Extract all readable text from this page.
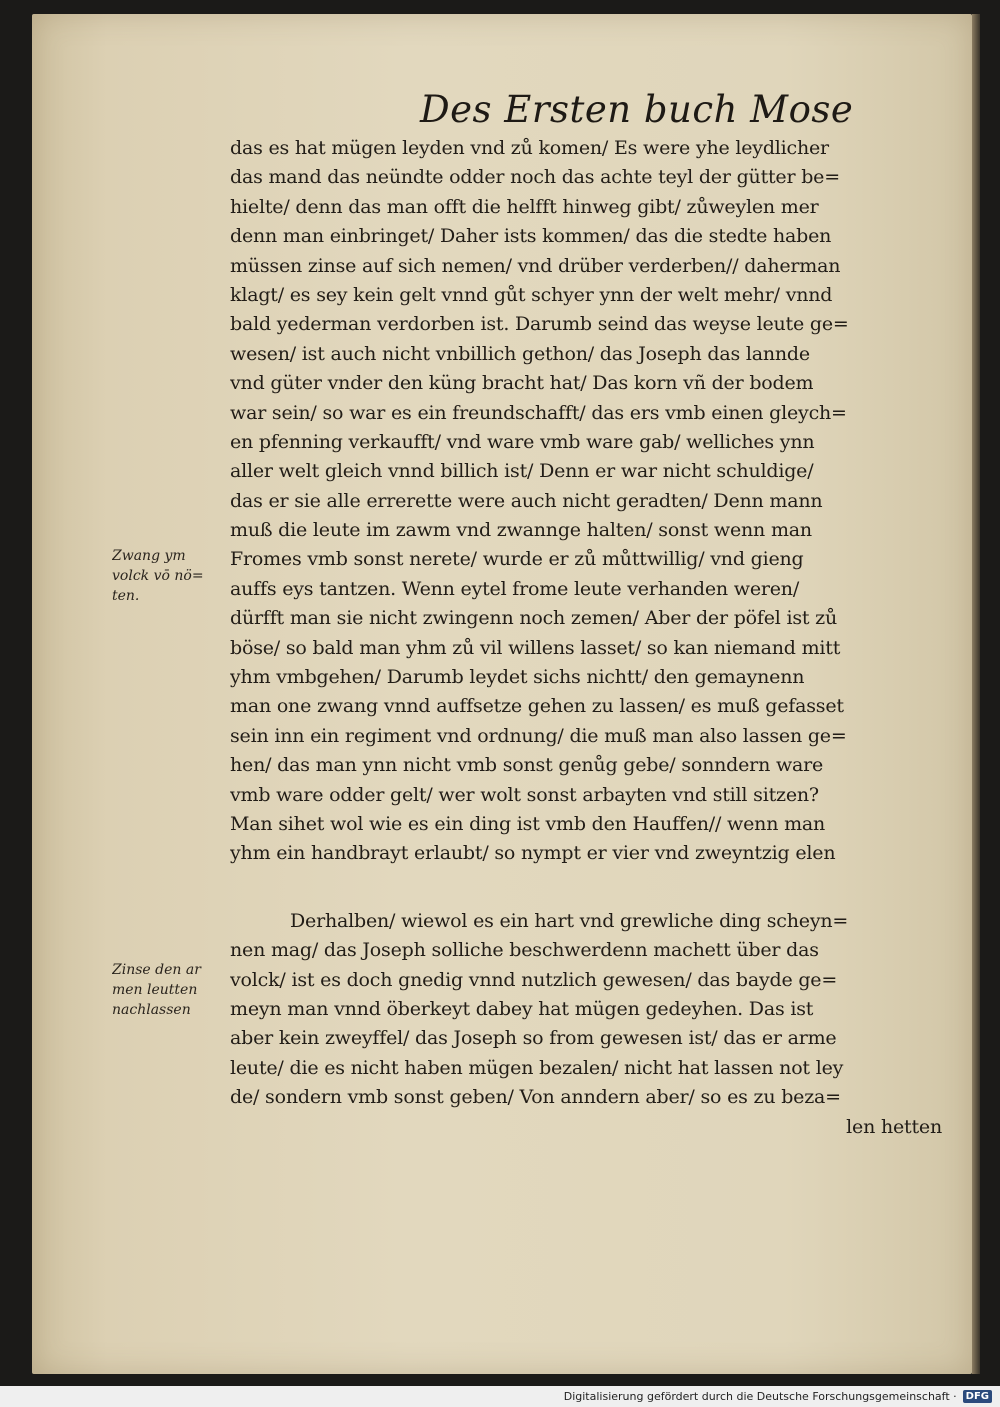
Des Ersten buch Mose
das es hat mügen leyden vnd zů komen/ Es were yhe leydlicher
das mand das neündte odder noch das achte teyl der gütter be=
hielte/ denn das man offt die helfft hinweg gibt/ zůweylen mer
denn man einbringet/ Daher ists kommen/ das die stedte haben
müssen zinse auf sich nemen/ vnd drüber verderben// daherman
klagt/ es sey kein gelt vnnd gůt schyer ynn der welt mehr/ vnnd
bald yederman verdorben ist. Darumb seind das weyse leute ge=
wesen/ ist auch nicht vnbillich gethon/ das Joseph das lannde
vnd güter vnder den küng bracht hat/ Das korn vñ der bodem
war sein/ so war es ein freundschafft/ das ers vmb einen gleych=
en pfenning verkaufft/ vnd ware vmb ware gab/ welliches ynn
aller welt gleich vnnd billich ist/ Denn er war nicht schuldige/
das er sie alle errerette were auch nicht geradten/ Denn mann
muß die leute im zawm vnd zwannge halten/ sonst wenn man
Fromes vmb sonst nerete/ wurde er zů můttwillig/ vnd gieng
auffs eys tantzen. Wenn eytel frome leute verhanden weren/
dürfft man sie nicht zwingenn noch zemen/ Aber der pöfel ist zů
böse/ so bald man yhm zů vil willens lasset/ so kan niemand mitt
yhm vmbgehen/ Darumb leydet sichs nichtt/ den gemaynenn
man one zwang vnnd auffsetze gehen zu lassen/ es muß gefasset
sein inn ein regiment vnd ordnung/ die muß man also lassen ge=
hen/ das man ynn nicht vmb sonst genůg gebe/ sonndern ware
vmb ware odder gelt/ wer wolt sonst arbayten vnd still sitzen?
Man sihet wol wie es ein ding ist vmb den Hauffen// wenn man
yhm ein handbrayt erlaubt/ so nympt er vier vnd zweyntzig elen
Derhalben/ wiewol es ein hart vnd grewliche ding scheyn=
nen mag/ das Joseph solliche beschwerdenn machett über das
volck/ ist es doch gnedig vnnd nutzlich gewesen/ das bayde ge=
meyn man vnnd öberkeyt dabey hat mügen gedeyhen. Das ist
aber kein zweyffel/ das Joseph so from gewesen ist/ das er arme
leute/ die es nicht haben mügen bezalen/ nicht hat lassen not ley
de/ sondern vmb sonst geben/ Von anndern aber/ so es zu beza=
len hetten
Zwang ym
volck vō nö=
ten.
Zinse den ar
men leutten
nachlassen
Digitalisierung gefördert durch die Deutsche Forschungsgemeinschaft · DFG
